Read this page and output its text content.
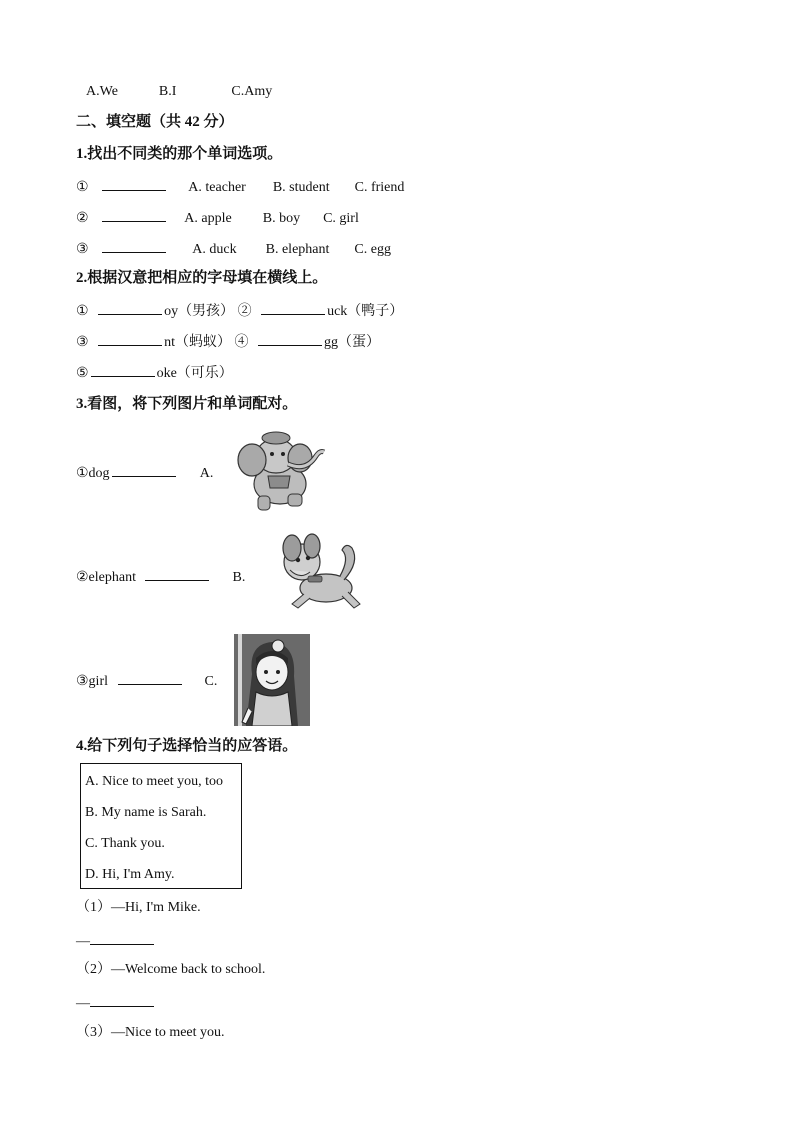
A.We	B.I	C.Amy
二、填空题（共 42 分）
1.找出不同类的那个单词选项。
①	A. teacher B. student C. friend
②	A. apple B. boy C. girl
③	A. duck B. elephant C. egg
2.根据汉意把相应的字母填在横线上。
①	oy（男孩） ②	uck（鸭子）
③	nt（蚂蚁） ④	gg（蛋）
⑤	oke（可乐）
3.看图，将下列图片和单词配对。
①dog	A.
②elephant	B.
③girl	C.
4.给下列句子选择恰当的应答语。
A. Nice to meet you, too
B. My name is Sarah.
C. Thank you.
D. Hi, I'm Amy.
（1）—Hi, I'm Mike.
—
（2）—Welcome back to school.
—
（3）—Nice to meet you.
